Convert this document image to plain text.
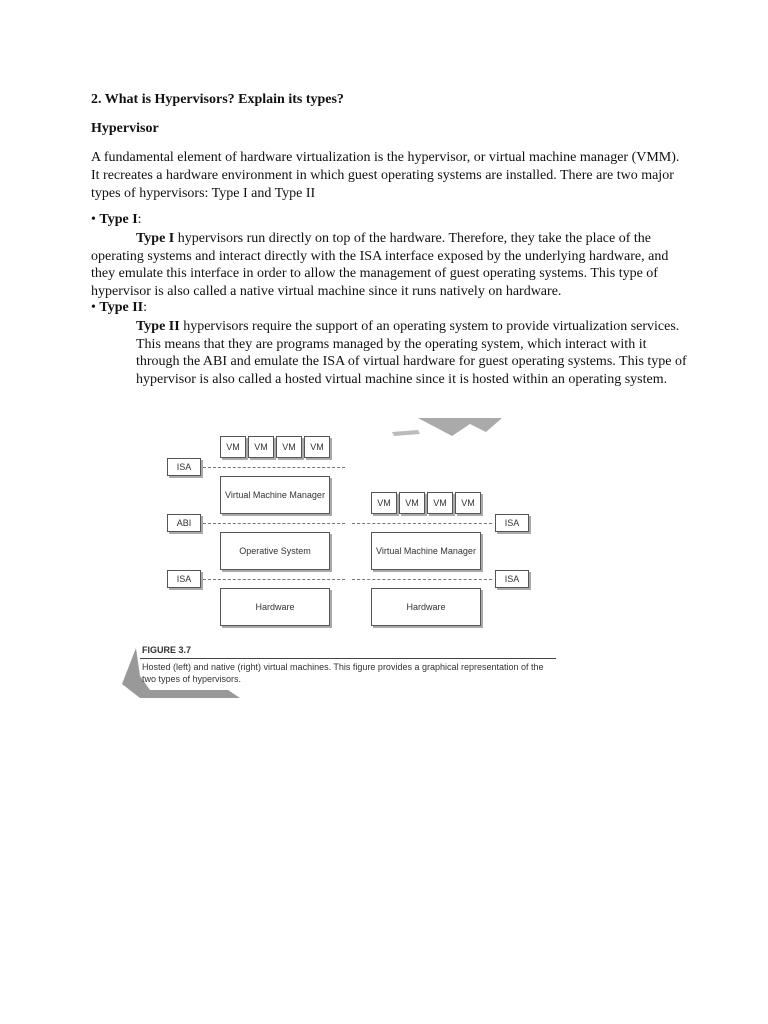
2. What is Hypervisors? Explain its types?
Hypervisor
A fundamental element of hardware virtualization is the hypervisor, or virtual machine manager (VMM). It recreates a hardware environment in which guest operating systems are installed. There are two major types of hypervisors: Type I and Type II
• Type I:
Type I hypervisors run directly on top of the hardware. Therefore, they take the place of the operating systems and interact directly with the ISA interface exposed by the underlying hardware, and they emulate this interface in order to allow the management of guest operating systems. This type of hypervisor is also called a native virtual machine since it runs natively on hardware.
• Type II:
Type II hypervisors require the support of an operating system to provide virtualization services. This means that they are programs managed by the operating system, which interact with it through the ABI and emulate the ISA of virtual hardware for guest operating systems. This type of hypervisor is also called a hosted virtual machine since it is hosted within an operating system.
VM	VM	VM	VM
ISA
Virtual Machine Manager
ABI
Operative System
ISA
Hardware
VM	VM	VM	VM
ISA
Virtual Machine Manager
ISA
Hardware
FIGURE 3.7
Hosted (left) and native (right) virtual machines. This figure provides a graphical representation of the two types of hypervisors.
